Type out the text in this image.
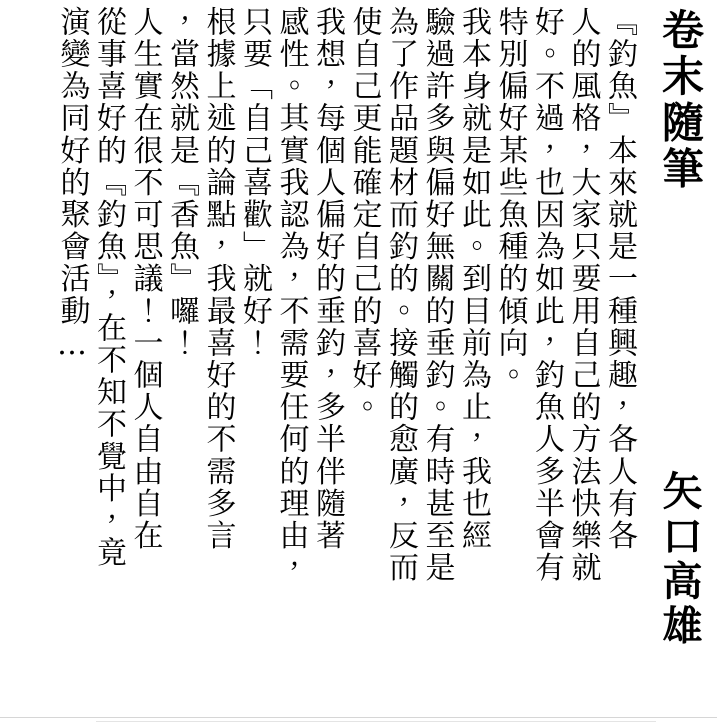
卷末隨筆
矢口高雄
『釣魚』本來就是一種興趣，各人有各
人的風格，大家只要用自己的方法快樂就
好。不過，也因為如此，釣魚人多半會有
特別偏好某些魚種的傾向。
我本身就是如此。到目前為止，我也經
驗過許多與偏好無關的垂釣。有時甚至是
為了作品題材而釣的。接觸的愈廣，反而
使自己更能確定自己的喜好。
我想，每個人偏好的垂釣，多半伴隨著
感性。其實我認為，不需要任何的理由，
只要「自己喜歡」就好！
根據上述的論點，我最喜好的不需多言
，當然就是『香魚』囉！
人生實在很不可思議！一個人自由自在
從事喜好的『釣魚』，在不知不覺中，竟
演變為同好的聚會活動…
